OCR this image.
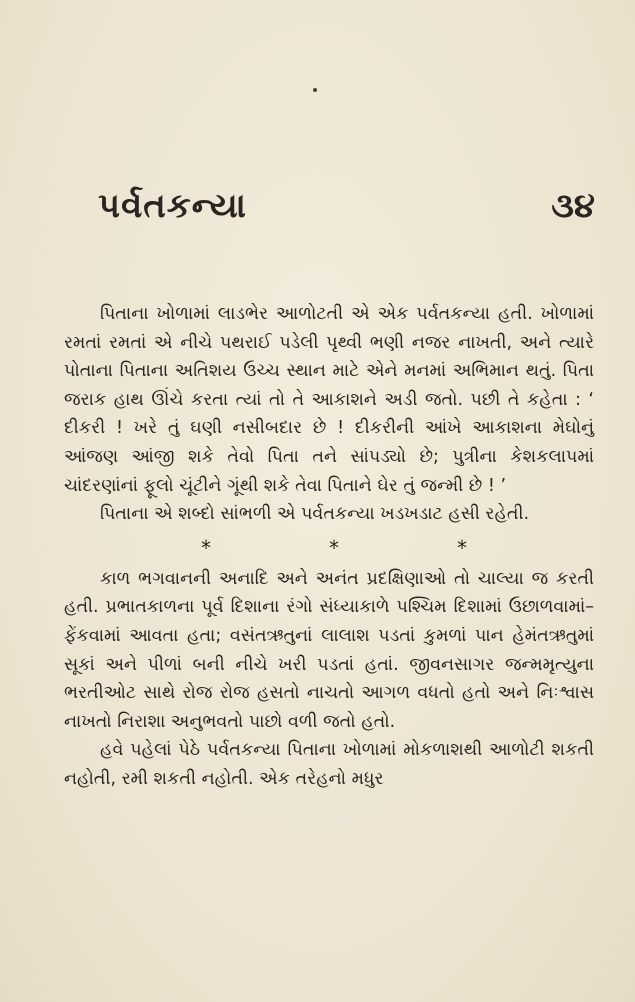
પર્વતકન્યા	૩૪

પિતાના ખોળામાં લાડભેર આળોટતી એ એક પર્વતકન્યા હતી. ખોળામાં રમતાં રમતાં એ નીચે પથરાઈ પડેલી પૃથ્વી ભણી નજર નાખતી, અને ત્યારે પોતાના પિતાના અતિશય ઉચ્ચ સ્થાન માટે એને મનમાં અભિમાન થતું. પિતા જરાક હાથ ઊંચે કરતા ત્યાં તો તે આકાશને અડી જતો. પછી તે કહેતા : ‘ દીકરી ! ખરે તું ઘણી નસીબદાર છે ! દીકરીની આંખે આકાશના મેઘોનું આંજણ આંજી શકે તેવો પિતા તને સાંપડ્યો છે; પુત્રીના કેશકલાપમાં ચાંદરણાંનાં ફૂલો ચૂંટીને ગૂંથી શકે તેવા પિતાને ઘેર તું જન્મી છે ! ’

પિતાના એ શબ્દો સાંભળી એ પર્વતકન્યા ખડખડાટ હસી રહેતી.

*	*	*

કાળ ભગવાનની અનાદિ અને અનંત પ્રદક્ષિણાઓ તો ચાલ્યા જ કરતી હતી. પ્રભાતકાળના પૂર્વ દિશાના રંગો સંધ્યાકાળે પશ્ચિમ દિશામાં ઉછાળવામાં–ફેંકવામાં આવતા હતા; વસંતઋતુનાં લાલાશ પડતાં કુમળાં પાન હેમંતઋતુમાં સૂકાં અને પીળાં બની નીચે ખરી પડતાં હતાં. જીવનસાગર જન્મમૃત્યુના ભરતીઓટ સાથે રોજ રોજ હસતો નાચતો આગળ વધતો હતો અને નિઃશ્વાસ નાખતો નિરાશા અનુભવતો પાછો વળી જતો હતો.

હવે પહેલાં પેઠે પર્વતકન્યા પિતાના ખોળામાં મોકળાશથી આળોટી શકતી નહોતી, રમી શકતી નહોતી. એક તરેહનો મધુર
